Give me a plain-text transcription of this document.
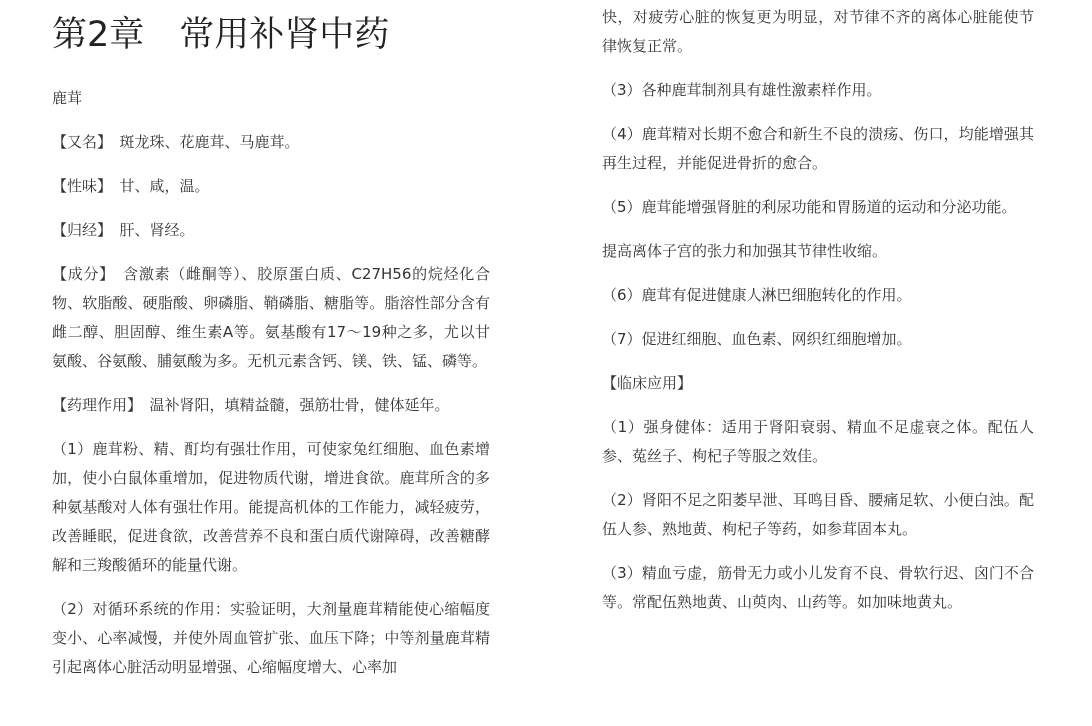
第2章　常用补肾中药

鹿茸

【又名】　斑龙珠、花鹿茸、马鹿茸。

【性味】　甘、咸，温。

【归经】　肝、肾经。

【成分】　含激素（雌酮等）、胶原蛋白质、C27H56的烷烃化合物、软脂酸、硬脂酸、卵磷脂、鞘磷脂、糖脂等。脂溶性部分含有雌二醇、胆固醇、维生素A等。氨基酸有17～19种之多，尤以甘氨酸、谷氨酸、脯氨酸为多。无机元素含钙、镁、铁、锰、磷等。

【药理作用】　温补肾阳，填精益髓，强筋壮骨，健体延年。

（1）鹿茸粉、精、酊均有强壮作用，可使家兔红细胞、血色素增加，使小白鼠体重增加，促进物质代谢，增进食欲。鹿茸所含的多种氨基酸对人体有强壮作用。能提高机体的工作能力，减轻疲劳，改善睡眠，促进食欲，改善营养不良和蛋白质代谢障碍，改善糖酵解和三羧酸循环的能量代谢。

（2）对循环系统的作用：实验证明，大剂量鹿茸精能使心缩幅度变小、心率减慢，并使外周血管扩张、血压下降；中等剂量鹿茸精引起离体心脏活动明显增强、心缩幅度增大、心率加

快，对疲劳心脏的恢复更为明显，对节律不齐的离体心脏能使节律恢复正常。

（3）各种鹿茸制剂具有雄性激素样作用。

（4）鹿茸精对长期不愈合和新生不良的溃疡、伤口，均能增强其再生过程，并能促进骨折的愈合。

（5）鹿茸能增强肾脏的利尿功能和胃肠道的运动和分泌功能。

提高离体子宫的张力和加强其节律性收缩。

（6）鹿茸有促进健康人淋巴细胞转化的作用。

（7）促进红细胞、血色素、网织红细胞增加。

【临床应用】

（1）强身健体：适用于肾阳衰弱、精血不足虚衰之体。配伍人参、菟丝子、枸杞子等服之效佳。

（2）肾阳不足之阳萎早泄、耳鸣目昏、腰痛足软、小便白浊。配伍人参、熟地黄、枸杞子等药，如参茸固本丸。

（3）精血亏虚，筋骨无力或小儿发育不良、骨软行迟、囟门不合等。常配伍熟地黄、山萸肉、山药等。如加味地黄丸。
